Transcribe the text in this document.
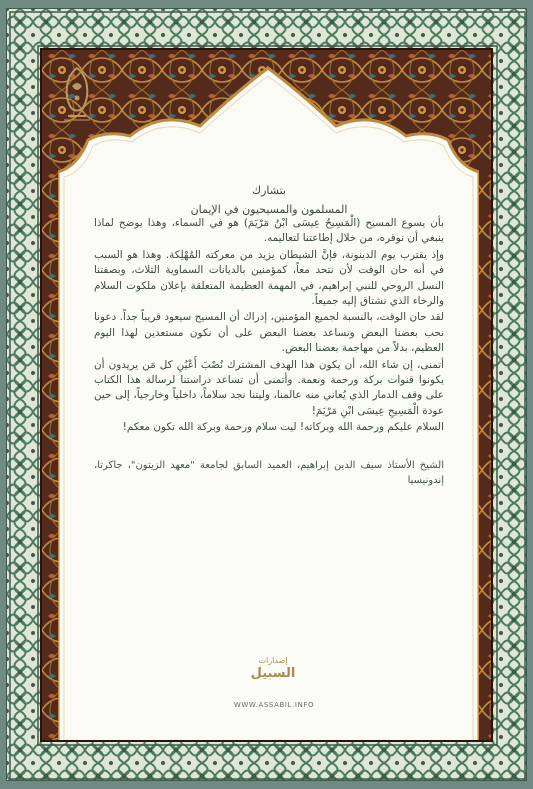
بتشارك

المسلمون والمسيحيون في الإيمان

بأن يسوع المسيح (الْمَسِيحُ عِيسَى ابْنُ مَرْيَمَ) هو في السماء، وهذا يوضح لماذا ينبغي أن نوقره، من خلال إطاعتنا لتعاليمه.

وإذ يقترب يوم الدينونة، فإنَّ الشيطان يزيد من معركته المُهْلِكة. وهذا هو السبب في أنه حان الوقت لأن نتحد معاً، كمؤمنين بالديانات السماوية الثلاث، وبصفتنا النسل الروحي للنبي إبراهيم، في المهمة العظيمة المتعلقة بإعلان ملكوت السلام والرخاء الذي نشتاق إليه جميعاً.

لقد حان الوقت، بالنسبة لجميع المؤمنين، إدراك أن المسيح سيعود قريباً جداً. دعونا نحب بعضنا البعض ونساعد بعضنا البعض على أن نكون مستعدين لهذا اليوم العظيم، بدلاً من مهاجمة بعضنا البعض.

أتمنى، إن شاء الله، أن يكون هذا الهدف المشترك نُصْبَ أَعْيُنِ كل مَن يريدون أن يكونوا قنوات بركة ورحمة ونعمة. وأتمنى أن تساعد دراستنا لرسالة هذا الكتاب على وقف الدمار الذي يُعاني منه عالمنا، وليتنا نجد سلاماً، داخلياً وخارجياً، إلى حين عودة الْمَسِيحِ عِيسَى ابْنِ مَرْيَمَ!

السلام عليكم ورحمة الله وبركاته! ليت سلام ورحمة وبركة الله تكون معكم!

الشيخ الأستاذ سيف الدين إبراهيم، العميد السابق لجامعة "معهد الزيتون"، جاكرتا، إندونيسيا

إصدارات
السبيل
WWW.ASSABIL.INFO
